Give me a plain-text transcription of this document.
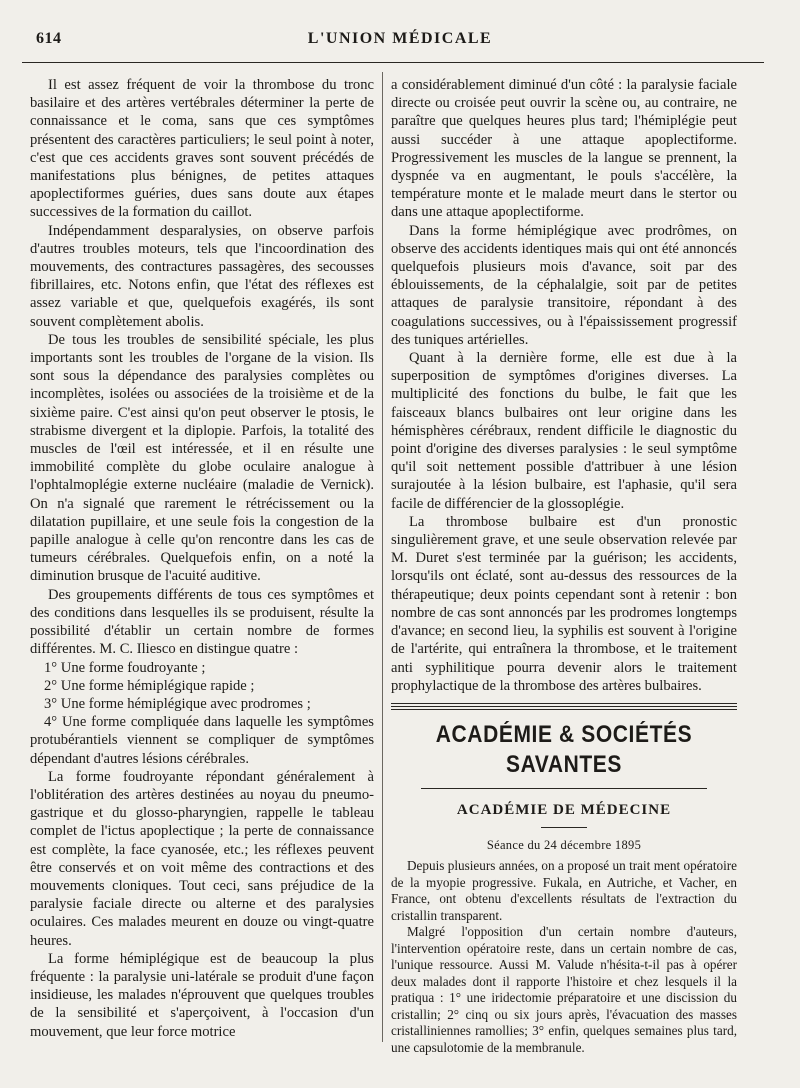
614	L'UNION MÉDICALE

Il est assez fréquent de voir la thrombose du tronc basilaire et des artères vertébrales déterminer la perte de connaissance et le coma, sans que ces symptômes présentent des caractères particuliers; le seul point à noter, c'est que ces accidents graves sont souvent précédés de manifestations plus bénignes, de petites attaques apoplectiformes guéries, dues sans doute aux étapes successives de la formation du caillot.

Indépendamment desparalysies, on observe parfois d'autres troubles moteurs, tels que l'incoordination des mouvements, des contractures passagères, des secousses fibrillaires, etc. Notons enfin, que l'état des réflexes est assez variable et que, quelquefois exagérés, ils sont souvent complètement abolis.

De tous les troubles de sensibilité spéciale, les plus importants sont les troubles de l'organe de la vision. Ils sont sous la dépendance des paralysies complètes ou incomplètes, isolées ou associées de la troisième et de la sixième paire. C'est ainsi qu'on peut observer le ptosis, le strabisme divergent et la diplopie. Parfois, la totalité des muscles de l'œil est intéressée, et il en résulte une immobilité complète du globe oculaire analogue à l'ophtalmoplégie externe nucléaire (maladie de Vernick). On n'a signalé que rarement le rétrécissement ou la dilatation pupillaire, et une seule fois la congestion de la papille analogue à celle qu'on rencontre dans les cas de tumeurs cérébrales. Quelquefois enfin, on a noté la diminution brusque de l'acuité auditive.

Des groupements différents de tous ces symptômes et des conditions dans lesquelles ils se produisent, résulte la possibilité d'établir un certain nombre de formes différentes. M. C. Iliesco en distingue quatre :

1° Une forme foudroyante ;

2° Une forme hémiplégique rapide ;

3° Une forme hémiplégique avec prodromes ;

4° Une forme compliquée dans laquelle les symptômes protubérantiels viennent se compliquer de symptômes dépendant d'autres lésions cérébrales.

La forme foudroyante répondant généralement à l'oblitération des artères destinées au noyau du pneumo-gastrique et du glosso-pharyngien, rappelle le tableau complet de l'ictus apoplectique ; la perte de connaissance est complète, la face cyanosée, etc.; les réflexes peuvent être conservés et on voit même des contractions et des mouvements cloniques. Tout ceci, sans préjudice de la paralysie faciale directe ou alterne et des paralysies oculaires. Ces malades meurent en douze ou vingt-quatre heures.

La forme hémiplégique est de beaucoup la plus fréquente : la paralysie uni-latérale se produit d'une façon insidieuse, les malades n'éprouvent que quelques troubles de la sensibilité et s'aperçoivent, à l'occasion d'un mouvement, que leur force motrice

a considérablement diminué d'un côté : la paralysie faciale directe ou croisée peut ouvrir la scène ou, au contraire, ne paraître que quelques heures plus tard; l'hémiplégie peut aussi succéder à une attaque apoplectiforme. Progressivement les muscles de la langue se prennent, la dyspnée va en augmentant, le pouls s'accélère, la température monte et le malade meurt dans le stertor ou dans une attaque apoplectiforme.

Dans la forme hémiplégique avec prodrômes, on observe des accidents identiques mais qui ont été annoncés quelquefois plusieurs mois d'avance, soit par des éblouissements, de la céphalalgie, soit par de petites attaques de paralysie transitoire, répondant à des coagulations successives, ou à l'épaississement progressif des tuniques artérielles.

Quant à la dernière forme, elle est due à la superposition de symptômes d'origines diverses. La multiplicité des fonctions du bulbe, le fait que les faisceaux blancs bulbaires ont leur origine dans les hémisphères cérébraux, rendent difficile le diagnostic du point d'origine des diverses paralysies : le seul symptôme qu'il soit nettement possible d'attribuer à une lésion surajoutée à la lésion bulbaire, est l'aphasie, qu'il sera facile de différencier de la glossoplégie.

La thrombose bulbaire est d'un pronostic singulièrement grave, et une seule observation relevée par M. Duret s'est terminée par la guérison; les accidents, lorsqu'ils ont éclaté, sont au-dessus des ressources de la thérapeutique; deux points cependant sont à retenir : bon nombre de cas sont annoncés par les prodromes longtemps d'avance; en second lieu, la syphilis est souvent à l'origine de l'artérite, qui entraînera la thrombose, et le traitement anti syphilitique pourra devenir alors le traitement prophylactique de la thrombose des artères bulbaires.

ACADÉMIE & SOCIÉTÉS SAVANTES
ACADÉMIE DE MÉDECINE

Séance du 24 décembre 1895

Depuis plusieurs années, on a proposé un trait ment opératoire de la myopie progressive. Fukala, en Autriche, et Vacher, en France, ont obtenu d'excellents résultats de l'extraction du cristallin transparent.

Malgré l'opposition d'un certain nombre d'auteurs, l'intervention opératoire reste, dans un certain nombre de cas, l'unique ressource. Aussi M. Valude n'hésita-t-il pas à opérer deux malades dont il rapporte l'histoire et chez lesquels il la pratiqua : 1° une iridectomie préparatoire et une discission du cristallin; 2° cinq ou six jours après, l'évacuation des masses cristalliniennes ramollies; 3° enfin, quelques semaines plus tard, une capsulotomie de la membranule.
